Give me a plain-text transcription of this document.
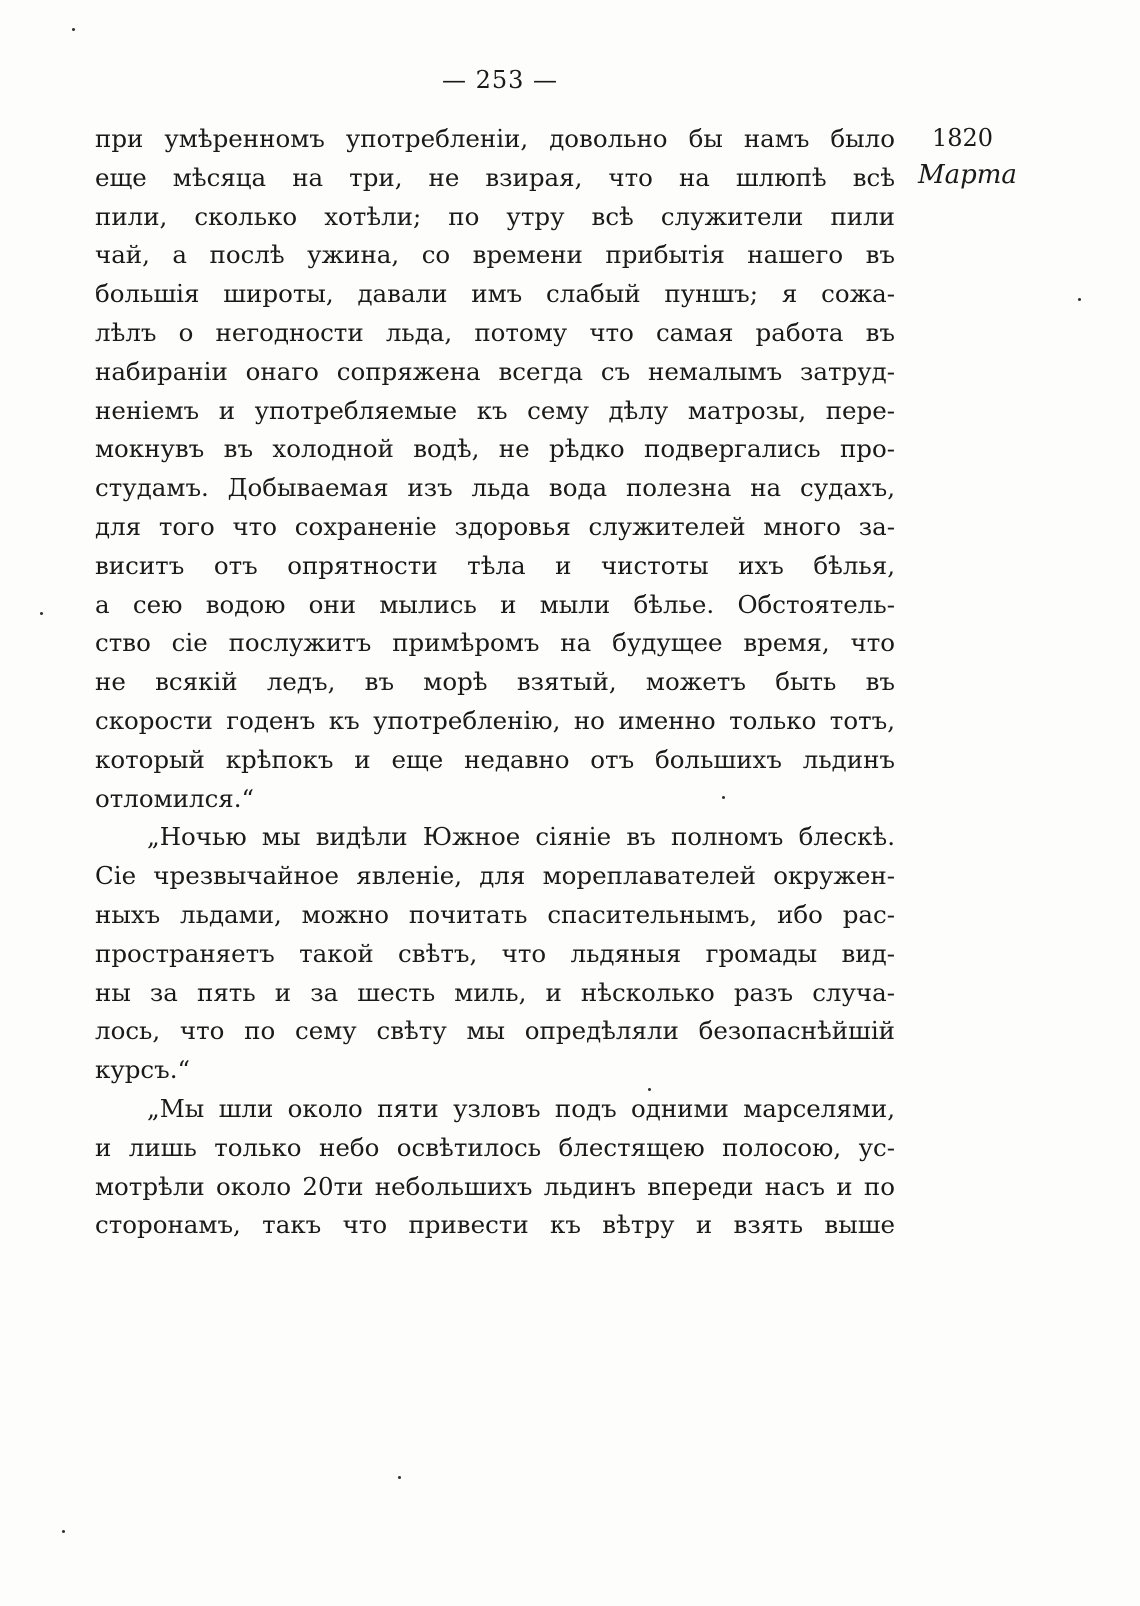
— 253 —
1820
Марта
при умѣренномъ употребленіи, довольно бы намъ было
еще мѣсяца на три, не взирая, что на шлюпѣ всѣ
пили, сколько хотѣли; по утру всѣ служители пили
чай, а послѣ ужина, со времени прибытія нашего въ
большія широты, давали имъ слабый пуншъ; я сожа-
лѣлъ о негодности льда, потому что самая работа въ
набираніи онаго сопряжена всегда съ немалымъ затруд-
неніемъ и употребляемые къ сему дѣлу матрозы, пере-
мокнувъ въ холодной водѣ, не рѣдко подвергались про-
студамъ. Добываемая изъ льда вода полезна на судахъ,
для того что сохраненіе здоровья служителей много за-
виситъ отъ опрятности тѣла и чистоты ихъ бѣлья,
а сею водою они мылись и мыли бѣлье. Обстоятель-
ство сіе послужитъ примѣромъ на будущее время, что
не всякій ледъ, въ морѣ взятый, можетъ быть въ
скорости годенъ къ употребленію, но именно только тотъ,
который крѣпокъ и еще недавно отъ большихъ льдинъ
отломился.“
„Ночью мы видѣли Южное сіяніе въ полномъ блескѣ.
Сіе чрезвычайное явленіе, для мореплавателей окружен-
ныхъ льдами, можно почитать спасительнымъ, ибо рас-
пространяетъ такой свѣтъ, что льдяныя громады вид-
ны за пять и за шесть миль, и нѣсколько разъ случа-
лось, что по сему свѣту мы опредѣляли безопаснѣйшій
курсъ.“
„Мы шли около пяти узловъ подъ одними марселями,
и лишь только небо освѣтилось блестящею полосою, ус-
мотрѣли около 20ти небольшихъ льдинъ впереди насъ и по
сторонамъ, такъ что привести къ вѣтру и взять выше
